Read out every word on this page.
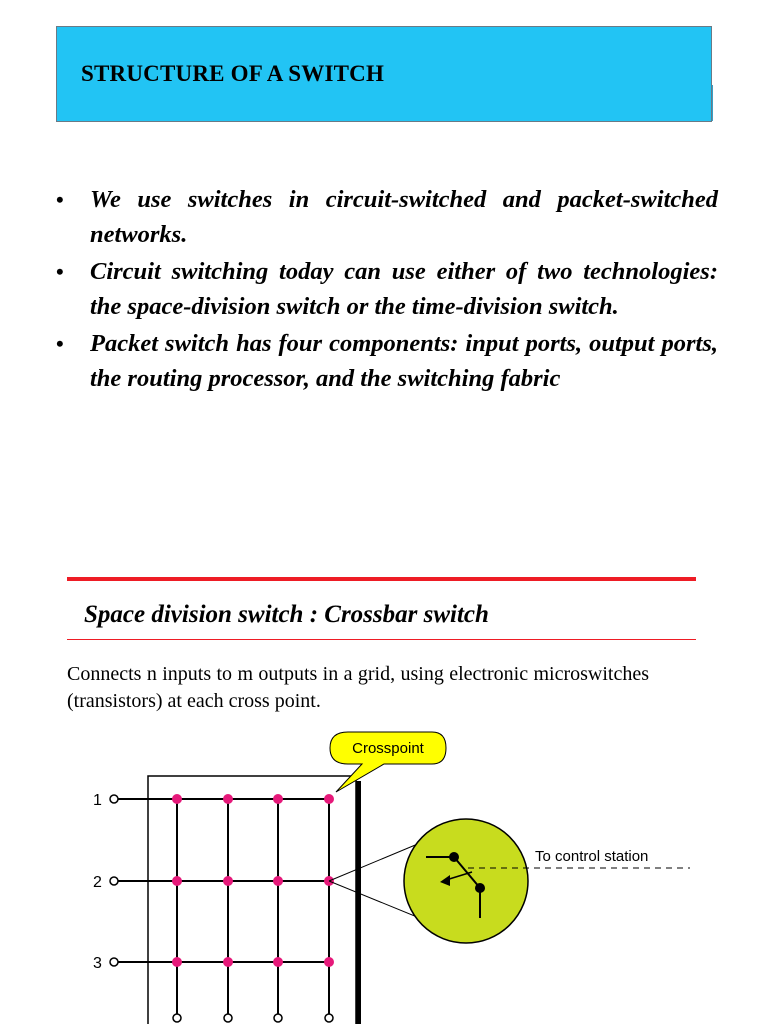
STRUCTURE OF A SWITCH
• We use switches in circuit-switched and packet-switched networks.
• Circuit switching today can use either of two technologies: the space-division switch or the time-division switch.
• Packet switch has four components: input ports, output ports, the routing processor, and the switching fabric
Space division switch : Crossbar switch
Connects n inputs to m outputs in a grid, using electronic microswitches (transistors) at each cross point.
1
2
3
Crosspoint
To control station
